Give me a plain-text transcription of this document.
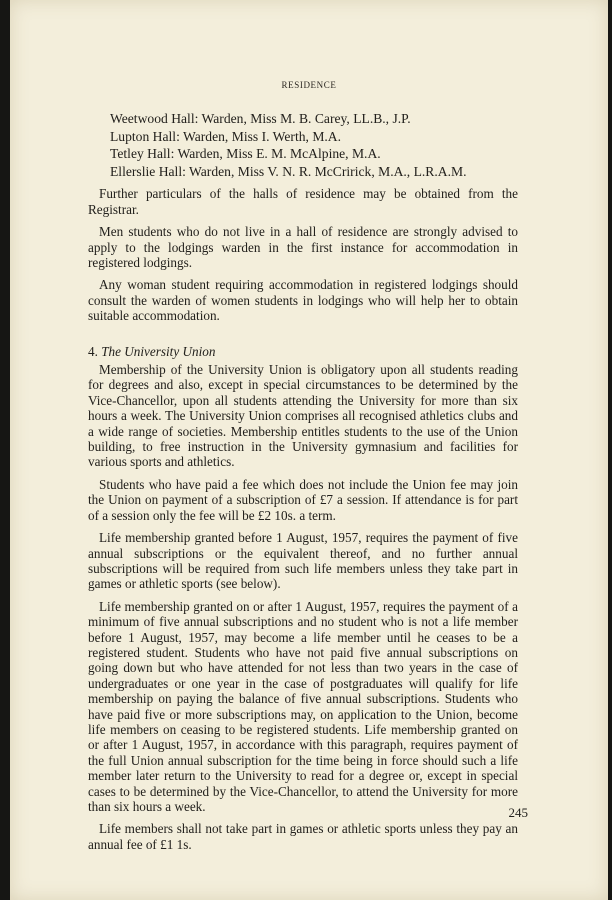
RESIDENCE
Weetwood Hall: Warden, Miss M. B. Carey, LL.B., J.P.
Lupton Hall: Warden, Miss I. Werth, M.A.
Tetley Hall: Warden, Miss E. M. McAlpine, M.A.
Ellerslie Hall: Warden, Miss V. N. R. McCririck, M.A., L.R.A.M.

Further particulars of the halls of residence may be obtained from the Registrar.

Men students who do not live in a hall of residence are strongly advised to apply to the lodgings warden in the first instance for accommodation in registered lodgings.

Any woman student requiring accommodation in registered lodgings should consult the warden of women students in lodgings who will help her to obtain suitable accommodation.

4. The University Union

Membership of the University Union is obligatory upon all students reading for degrees and also, except in special circumstances to be determined by the Vice-Chancellor, upon all students attending the University for more than six hours a week. The University Union comprises all recognised athletics clubs and a wide range of societies. Membership entitles students to the use of the Union building, to free instruction in the University gymnasium and facilities for various sports and athletics.

Students who have paid a fee which does not include the Union fee may join the Union on payment of a subscription of £7 a session. If attendance is for part of a session only the fee will be £2 10s. a term.

Life membership granted before 1 August, 1957, requires the payment of five annual subscriptions or the equivalent thereof, and no further annual subscriptions will be required from such life members unless they take part in games or athletic sports (see below).

Life membership granted on or after 1 August, 1957, requires the payment of a minimum of five annual subscriptions and no student who is not a life member before 1 August, 1957, may become a life member until he ceases to be a registered student. Students who have not paid five annual subscriptions on going down but who have attended for not less than two years in the case of undergraduates or one year in the case of postgraduates will qualify for life membership on paying the balance of five annual subscriptions. Students who have paid five or more subscriptions may, on application to the Union, become life members on ceasing to be registered students. Life membership granted on or after 1 August, 1957, in accordance with this paragraph, requires payment of the full Union annual subscription for the time being in force should such a life member later return to the University to read for a degree or, except in special cases to be determined by the Vice-Chancellor, to attend the University for more than six hours a week.

Life members shall not take part in games or athletic sports unless they pay an annual fee of £1 1s.

245
